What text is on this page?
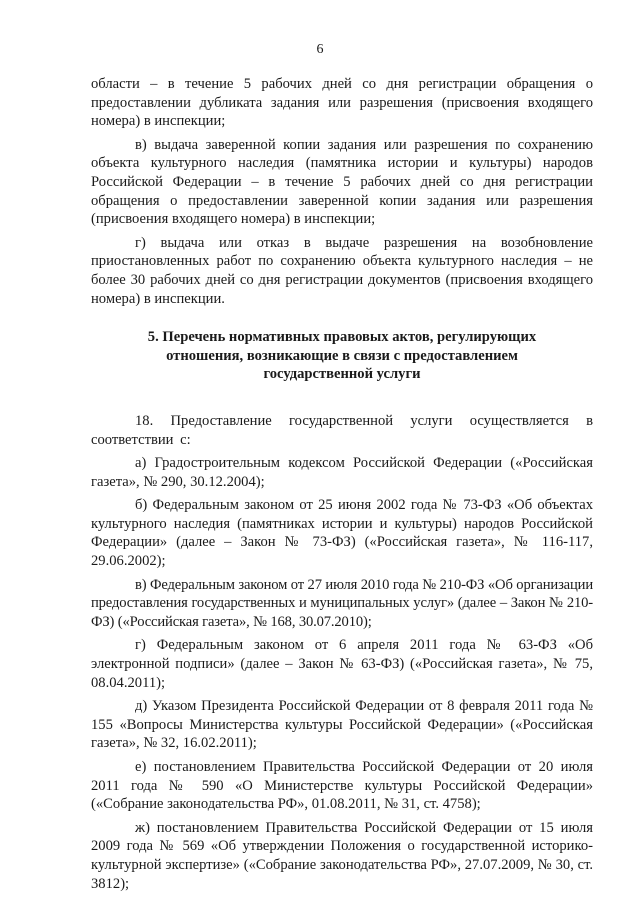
6

области – в течение 5 рабочих дней со дня регистрации обращения о предоставлении дубликата задания или разрешения (присвоения входящего номера) в инспекции;

в) выдача заверенной копии задания или разрешения по сохранению объекта культурного наследия (памятника истории и культуры) народов Российской Федерации – в течение 5 рабочих дней со дня регистрации обращения о предоставлении заверенной копии задания или разрешения (присвоения входящего номера) в инспекции;

г) выдача или отказ в выдаче разрешения на возобновление приостановленных работ по сохранению объекта культурного наследия – не более 30 рабочих дней со дня регистрации документов (присвоения входящего номера) в инспекции.

5. Перечень нормативных правовых актов, регулирующих
отношения, возникающие в связи с предоставлением
государственной услуги

18. Предоставление государственной услуги осуществляется в соответствии с:

а) Градостроительным кодексом Российской Федерации («Российская газета», № 290, 30.12.2004);

б) Федеральным законом от 25 июня 2002 года № 73-ФЗ «Об объектах культурного наследия (памятниках истории и культуры) народов Российской Федерации» (далее – Закон № 73-ФЗ) («Российская газета», № 116-117, 29.06.2002);

в) Федеральным законом от 27 июля 2010 года № 210-ФЗ «Об организации предоставления государственных и муниципальных услуг» (далее – Закон № 210-ФЗ) («Российская газета», № 168, 30.07.2010);

г) Федеральным законом от 6 апреля 2011 года № 63-ФЗ «Об электронной подписи» (далее – Закон № 63-ФЗ) («Российская газета», № 75, 08.04.2011);

д) Указом Президента Российской Федерации от 8 февраля 2011 года № 155 «Вопросы Министерства культуры Российской Федерации» («Российская газета», № 32, 16.02.2011);

е) постановлением Правительства Российской Федерации от 20 июля 2011 года № 590 «О Министерстве культуры Российской Федерации» («Собрание законодательства РФ», 01.08.2011, № 31, ст. 4758);

ж) постановлением Правительства Российской Федерации от 15 июля 2009 года № 569 «Об утверждении Положения о государственной историко-культурной экспертизе» («Собрание законодательства РФ», 27.07.2009, № 30, ст. 3812);
